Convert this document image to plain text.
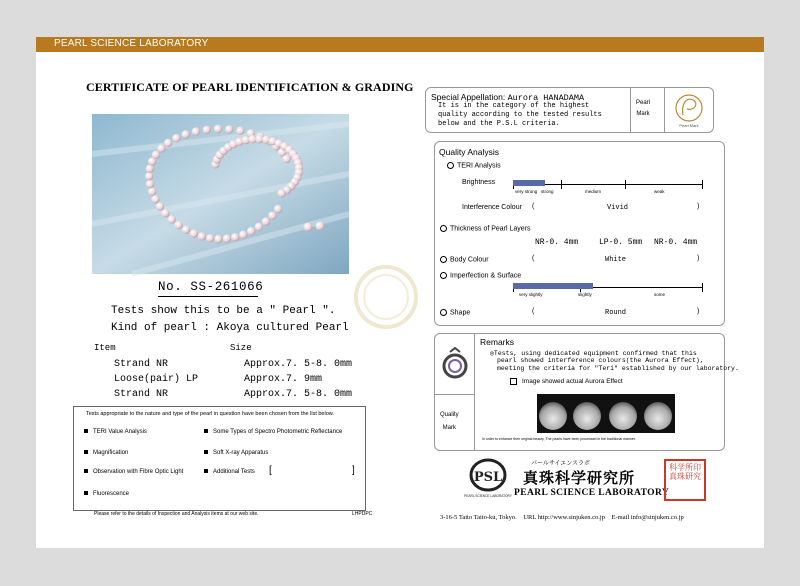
PEARL SCIENCE LABORATORY
CERTIFICATE OF PEARL IDENTIFICATION & GRADING
No. SS-261066
Tests show this to be a " Pearl ".
Kind of pearl : Akoya cultured Pearl
Item	Size
Strand NR	Approx.7. 5-8. 0mm
Loose(pair) LP	Approx.7. 9mm
Strand NR	Approx.7. 5-8. 0mm
Tests appropriate to the nature and type of the pearl in question have been chosen from the list below.
TERI Value Analysis	Some Types of Spectro Photometric Reflectance
Magnification	Soft X-ray Apparatus
Observation with Fibre Optic Light	Additional Tests [	]
Fluorescence
Please refer to the details of Inspection and Analysis items at our web site.	LHPDPC
Special Appellation: Aurora HANADAMA
It is in the category of the highest
quality according to the tested results
below and the P.S.L criteria.
Pearl
Mark
Pearl Mark
Quality Analysis
TERI Analysis
Brightness
very strong strong	medium	weak
Interference Colour (	Vivid	)
Thickness of Pearl Layers
NR-0. 4mm	LP-0. 5mm NR-0. 4mm
Body Colour	(	White	)
Imperfection & Surface
very slightly	slightly	some
Shape	(	Round	)
Quality
Mark
Remarks
◎Tests, using dedicated equipment confirmed that this
pearl showed interference colours(the Aurora Effect),
meeting the criteria for "Teri" established by our laboratory.
Image showed actual Aurora Effect
In order to enhance their original beauty, The pearls have been processed in the traditional manner.
PSL
PEARL SCIENCE LABORATORY
パールサイエンスラボ
真珠科学研究所
PEARL SCIENCE LABORATORY
科学所印
真珠研究
3-16-5 Taito Taito-ku, Tokyo. URL http://www.sinjuken.co.jp E-mail info@sinjuken.co.jp
